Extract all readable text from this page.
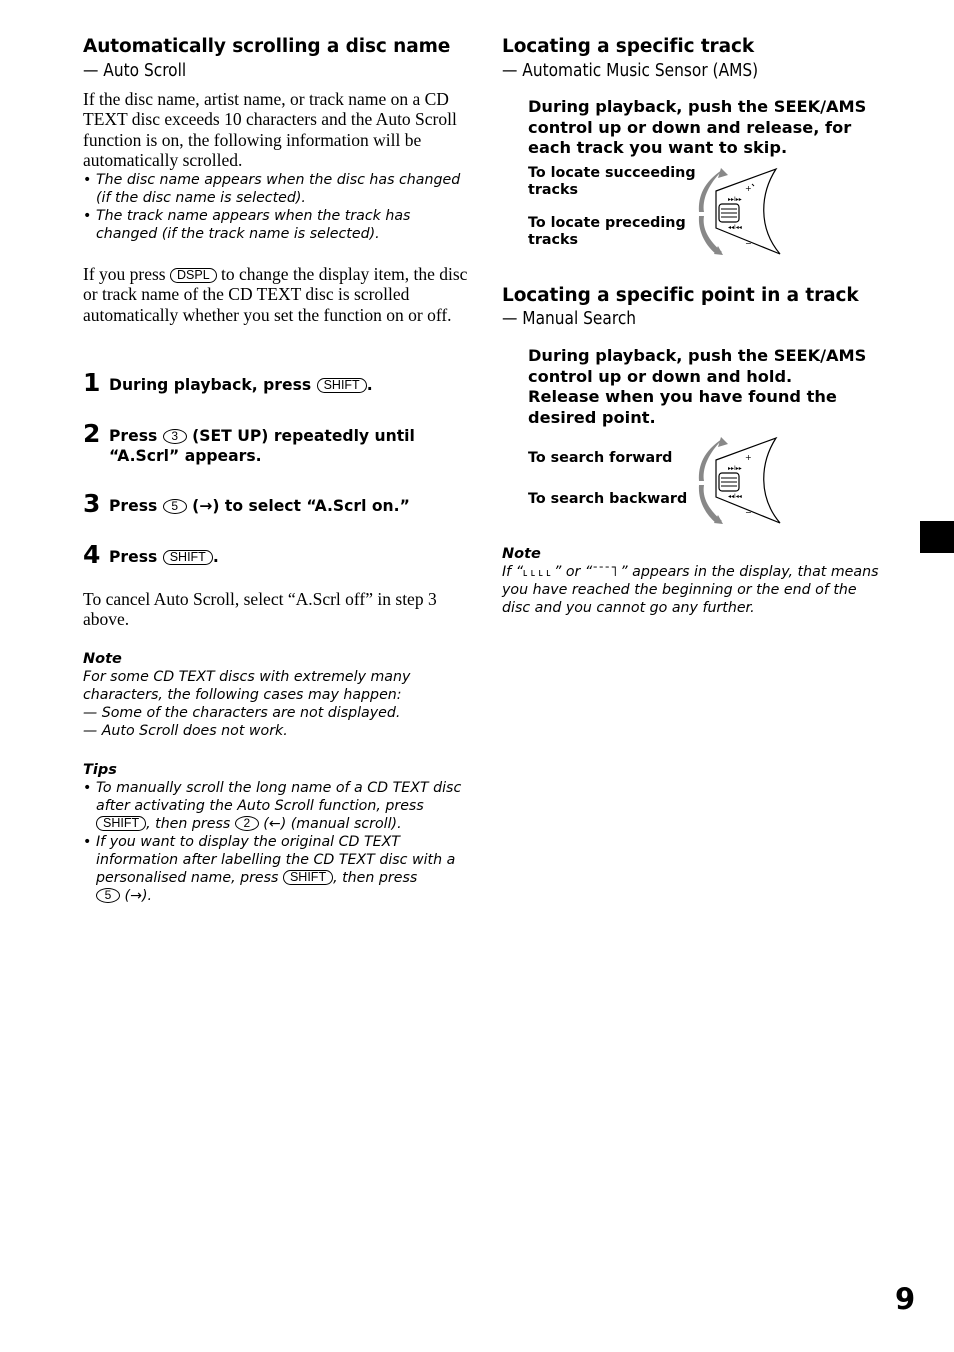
Automatically scrolling a disc name
— Auto Scroll

If the disc name, artist name, or track name on a CD TEXT disc exceeds 10 characters and the Auto Scroll function is on, the following information will be automatically scrolled.

• The disc name appears when the disc has changed (if the disc name is selected).
• The track name appears when the track has changed (if the track name is selected).

If you press DSPL to change the display item, the disc or track name of the CD TEXT disc is scrolled automatically whether you set the function on or off.

1 During playback, press SHIFT .
2 Press 3 (SET UP) repeatedly until
“A.Scrl” appears.
3 Press 5 (→) to select “A.Scrl on.”
4 Press SHIFT .

To cancel Auto Scroll, select “A.Scrl off” in step 3 above.

Note
For some CD TEXT discs with extremely many characters, the following cases may happen:
— Some of the characters are not displayed.
— Auto Scroll does not work.
Tips
• To manually scroll the long name of a CD TEXT disc after activating the Auto Scroll function, press SHIFT , then press 2 (←) (manual scroll).
• If you want to display the original CD TEXT information after labelling the CD TEXT disc with a personalised name, press SHIFT , then press
5 (→).
Locating a specific track
— Automatic Music Sensor (AMS)

During playback, push the SEEK/AMS control up or down and release, for each track you want to skip.

To locate succeeding tracks

To locate preceding tracks

+
−
▸▸I▸▸
◂◂I◂◂
Locating a specific point in a track
— Manual Search

During playback, push the SEEK/AMS control up or down and hold.

Release when you have found the desired point.

To search forward

To search backward

+
−
▸▸I▸▸
◂◂I◂◂
Note
If “˪˪˪˪” or “˥˥˥˥” appears in the display, that means you have reached the beginning or the end of the disc and you cannot go any further.
9
